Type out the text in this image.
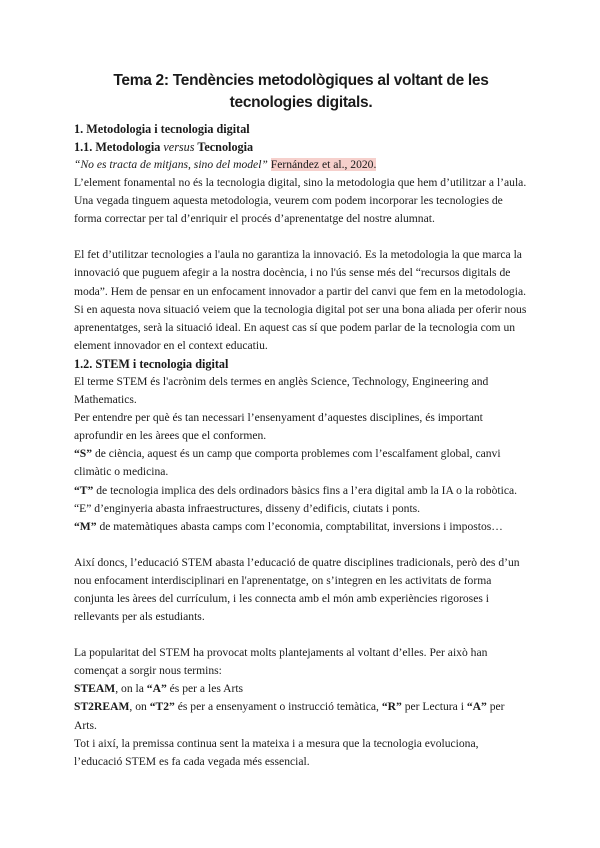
Tema 2: Tendències metodològiques al voltant de les tecnologies digitals.
1. Metodologia i tecnologia digital
1.1. Metodologia versus Tecnologia

“No es tracta de mitjans, sino del model” Fernández et al., 2020.

L’element fonamental no és la tecnologia digital, sino la metodologia que hem d’utilitzar a l’aula. Una vegada tinguem aquesta metodologia, veurem com podem incorporar les tecnologies de forma correctar per tal d’enriquir el procés d’aprenentatge del nostre alumnat.

El fet d’utilitzar tecnologies a l'aula no garantiza la innovació. Es la metodologia la que marca la innovació que puguem afegir a la nostra docència, i no l'ús sense més del “recursos digitals de moda”. Hem de pensar en un enfocament innovador a partir del canvi que fem en la metodologia. Si en aquesta nova situació veiem que la tecnologia digital pot ser una bona aliada per oferir nous aprenentatges, serà la situació ideal. En aquest cas sí que podem parlar de la tecnologia com un element innovador en el context educatiu.

1.2. STEM i tecnologia digital

El terme STEM és l'acrònim dels termes en anglès Science, Technology, Engineering and Mathematics.

Per entendre per què és tan necessari l’ensenyament d’aquestes disciplines, és important aprofundir en les àrees que el conformen.

“S” de ciència, aquest és un camp que comporta problemes com l’escalfament global, canvi climàtic o medicina.

“T” de tecnologia implica des dels ordinadors bàsics fins a l’era digital amb la IA o la robòtica.

“E” d’enginyeria abasta infraestructures, disseny d’edificis, ciutats i ponts.

“M” de matemàtiques abasta camps com l’economia, comptabilitat, inversions i impostos…

Així doncs, l’educació STEM abasta l’educació de quatre disciplines tradicionals, però des d’un nou enfocament interdisciplinari en l'aprenentatge, on s’integren en les activitats de forma conjunta les àrees del currículum, i les connecta amb el món amb experiències rigoroses i rellevants per als estudiants.

La popularitat del STEM ha provocat molts plantejaments al voltant d’elles. Per això han començat a sorgir nous termins:

STEAM, on la “A” és per a les Arts

ST2REAM, on “T2” és per a ensenyament o instrucció temàtica, “R” per Lectura i “A” per Arts.

Tot i així, la premissa continua sent la mateixa i a mesura que la tecnologia evoluciona, l’educació STEM es fa cada vegada més essencial.
